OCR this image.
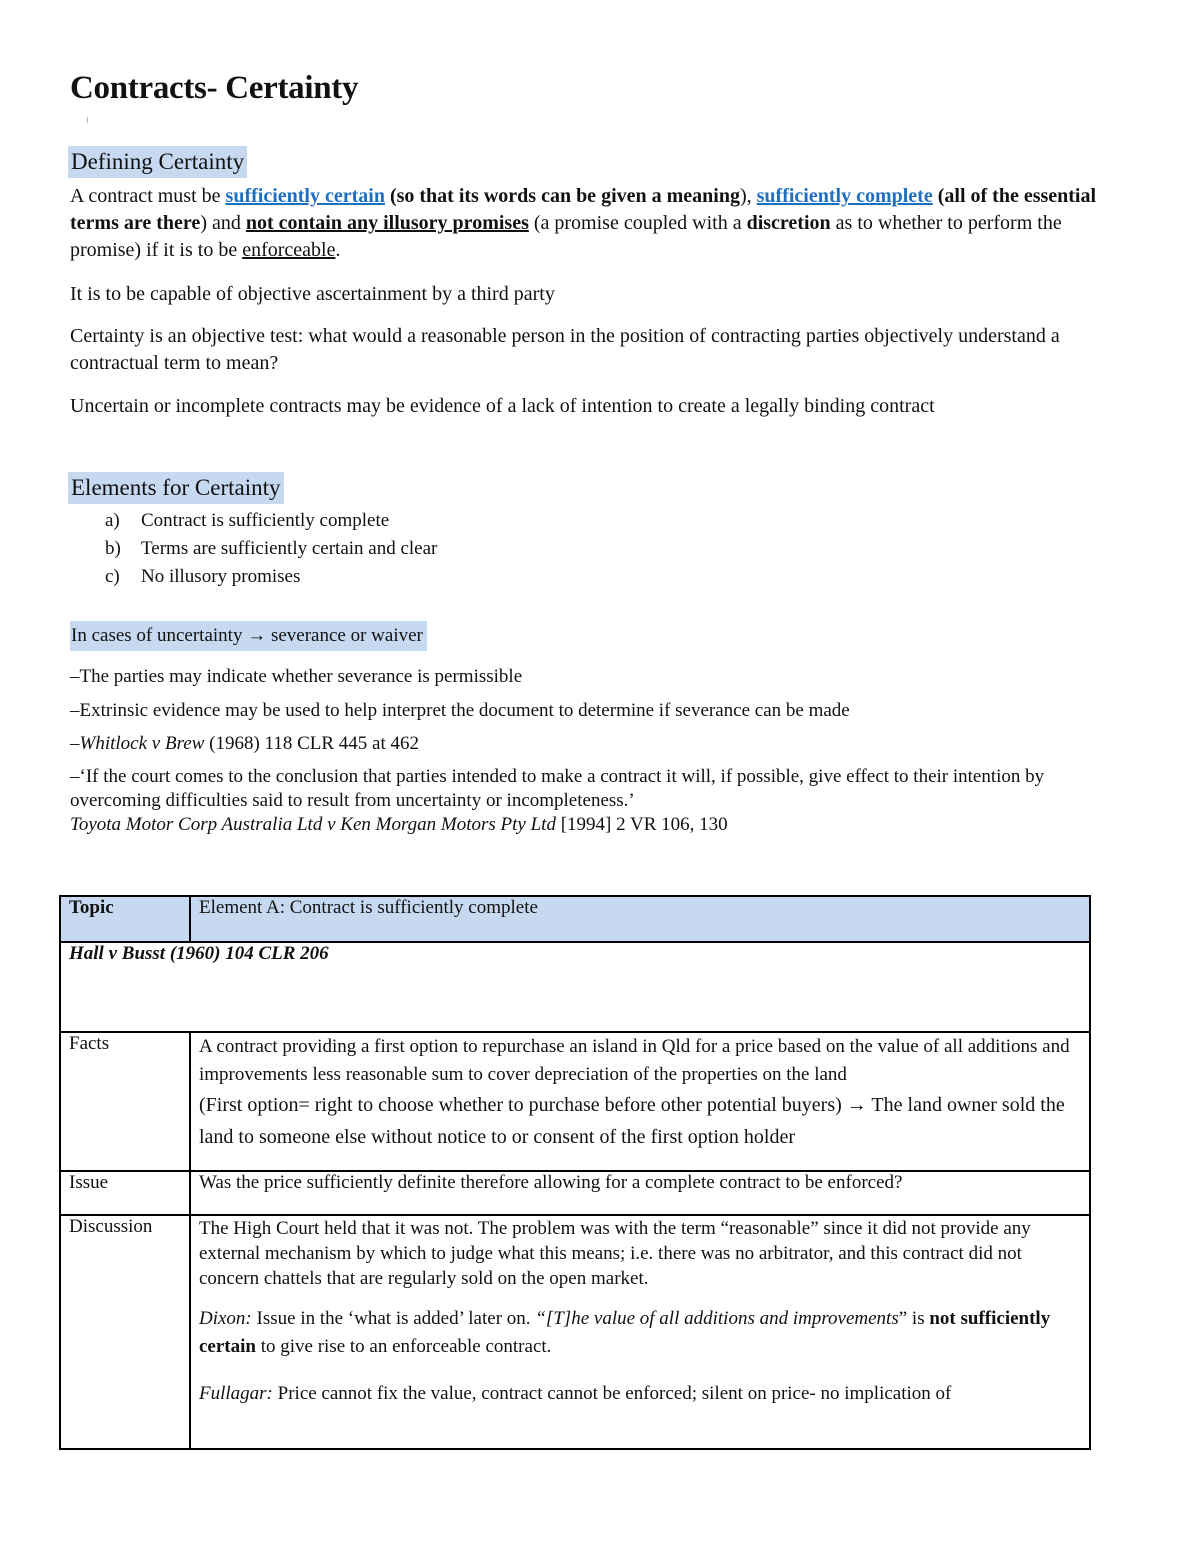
Contracts- Certainty
Defining Certainty
A contract must be sufficiently certain (so that its words can be given a meaning), sufficiently complete (all of the essential terms are there) and not contain any illusory promises (a promise coupled with a discretion as to whether to perform the promise) if it is to be enforceable.
It is to be capable of objective ascertainment by a third party
Certainty is an objective test: what would a reasonable person in the position of contracting parties objectively understand a contractual term to mean?
Uncertain or incomplete contracts may be evidence of a lack of intention to create a legally binding contract
Elements for Certainty
a)	Contract is sufficiently complete
b)	Terms are sufficiently certain and clear
c)	No illusory promises
In cases of uncertainty → severance or waiver
–The parties may indicate whether severance is permissible
–Extrinsic evidence may be used to help interpret the document to determine if severance can be made
–Whitlock v Brew (1968) 118 CLR 445 at 462
–‘If the court comes to the conclusion that parties intended to make a contract it will, if possible, give effect to their intention by overcoming difficulties said to result from uncertainty or incompleteness.’
Toyota Motor Corp Australia Ltd v Ken Morgan Motors Pty Ltd [1994] 2 VR 106, 130
Topic	Element A: Contract is sufficiently complete
Hall v Busst (1960) 104 CLR 206	
Facts	A contract providing a first option to repurchase an island in Qld for a price based on the value of all additions and improvements less reasonable sum to cover depreciation of the properties on the land
(First option= right to choose whether to purchase before other potential buyers) → The land owner sold the land to someone else without notice to or consent of the first option holder

Issue	Was the price sufficiently definite therefore allowing for a complete contract to be enforced?
Discussion	The High Court held that it was not. The problem was with the term “reasonable” since it did not provide any external mechanism by which to judge what this means; i.e. there was no arbitrator, and this contract did not concern chattels that are regularly sold on the open market.

Dixon: Issue in the ‘what is added’ later on. “[T]he value of all additions and improvements” is not sufficiently certain to give rise to an enforceable contract.

Fullagar: Price cannot fix the value, contract cannot be enforced; silent on price- no implication of
